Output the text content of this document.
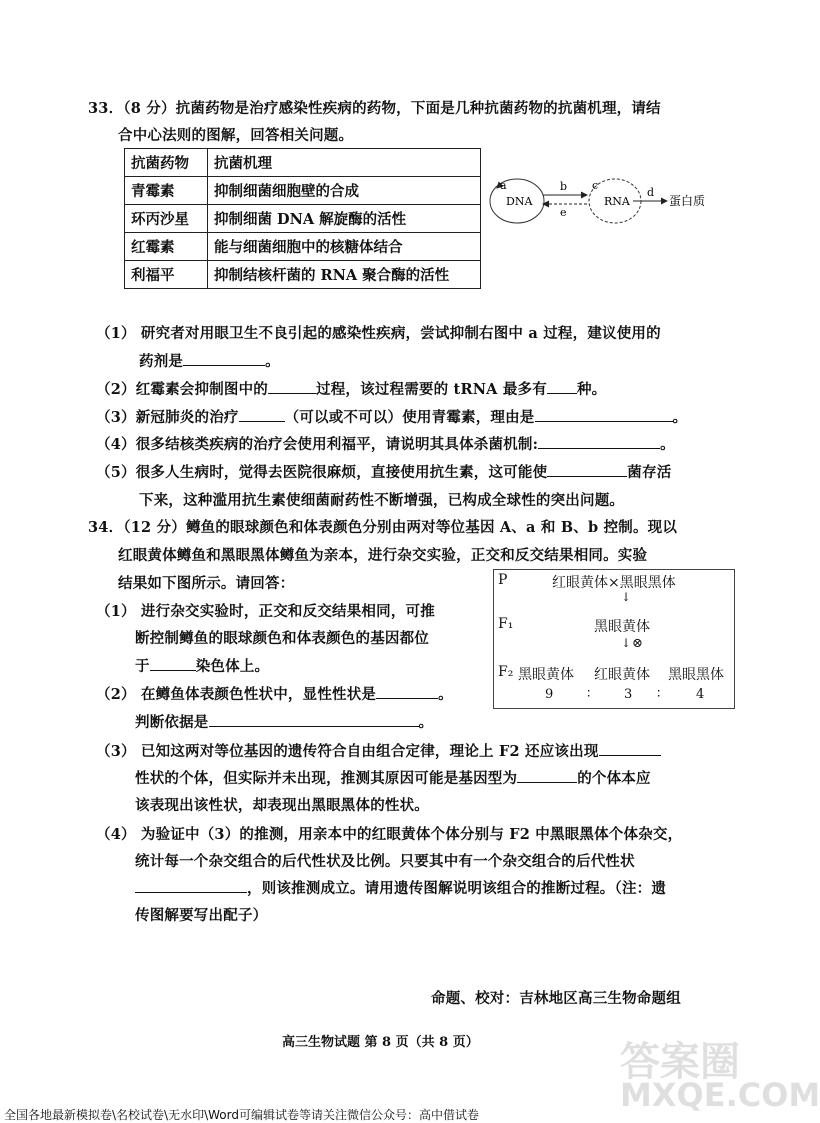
33．（8 分）抗菌药物是治疗感染性疾病的药物，下面是几种抗菌药物的抗菌机理，请结
合中心法则的图解，回答相关问题。
抗菌药物	抗菌机理
青霉素	抑制细菌细胞壁的合成
环丙沙星	抑制细菌 DNA 解旋酶的活性
红霉素	能与细菌细胞中的核糖体结合
利福平	抑制结核杆菌的 RNA 聚合酶的活性
a
DNA
b
e
c
RNA
d
蛋白质
（1） 研究者对用眼卫生不良引起的感染性疾病，尝试抑制右图中 a 过程，建议使用的
药剂是	。
（2）红霉素会抑制图中的	过程，该过程需要的 tRNA 最多有 种。
（3）新冠肺炎的治疗	（可以或不可以）使用青霉素，理由是	。
（4）很多结核类疾病的治疗会使用利福平，请说明其具体杀菌机制:	。
（5）很多人生病时，觉得去医院很麻烦，直接使用抗生素，这可能使	菌存活
下来，这种滥用抗生素使细菌耐药性不断增强，已构成全球性的突出问题。
34．（12 分）鳟鱼的眼球颜色和体表颜色分别由两对等位基因 A、a 和 B、b 控制。现以
红眼黄体鳟鱼和黑眼黑体鳟鱼为亲本，进行杂交实验，正交和反交结果相同。实验
结果如下图所示。请回答：	P	红眼黄体×黑眼黑体
↓
F₁	黑眼黄体
↓ ⊗
F₂ 黑眼黄体 红眼黄体 黑眼黑体
9	∶	3 ∶	4
（1） 进行杂交实验时，正交和反交结果相同，可推
断控制鳟鱼的眼球颜色和体表颜色的基因都位
于	染色体上。
（2） 在鳟鱼体表颜色性状中，显性性状是	。
判断依据是	。
（3） 已知这两对等位基因的遗传符合自由组合定律，理论上 F2 还应该出现
性状的个体，但实际并未出现，推测其原因可能是基因型为	的个体本应
该表现出该性状，却表现出黑眼黑体的性状。
（4） 为验证中（3）的推测，用亲本中的红眼黄体个体分别与 F2 中黑眼黑体个体杂交，
统计每一个杂交组合的后代性状及比例。只要其中有一个杂交组合的后代性状
，则该推测成立。请用遗传图解说明该组合的推断过程。（注：遗
传图解要写出配子）
命题、校对：吉林地区高三生物命题组
高三生物试题 第 8 页（共 8 页）
全国各地最新模拟卷\名校试卷\无水印\Word可编辑试卷等请关注微信公众号：高中借试卷
答案圈
MXQE.COM
